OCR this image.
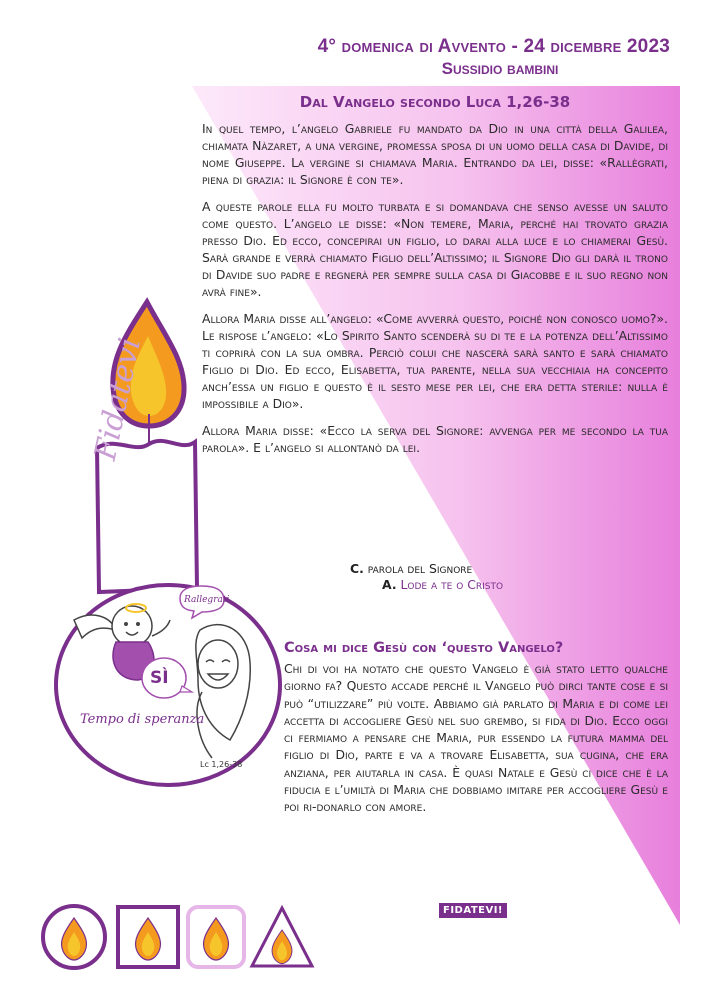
4° domenica di Avvento - 24 dicembre 2023
Sussidio bambini
Dal Vangelo secondo Luca 1,26-38

In quel tempo, l’angelo Gabriele fu mandato da Dio in una città della Galilea, chiamata Nàzaret, a una vergine, promessa sposa di un uomo della casa di Davide, di nome Giuseppe. La vergine si chiamava Maria. Entrando da lei, disse: «Rallègrati, piena di grazia: il Signore è con te».

A queste parole ella fu molto turbata e si domandava che senso avesse un saluto come questo. L’angelo le disse: «Non temere, Maria, perché hai trovato grazia presso Dio. Ed ecco, concepirai un figlio, lo darai alla luce e lo chiamerai Gesù. Sarà grande e verrà chiamato Figlio dell’Altissimo; il Signore Dio gli darà il trono di Davide suo padre e regnerà per sempre sulla casa di Giacobbe e il suo regno non avrà fine».

Allora Maria disse all’angelo: «Come avverrà questo, poiché non conosco uomo?». Le rispose l’angelo: «Lo Spirito Santo scenderà su di te e la potenza dell’Altissimo ti coprirà con la sua ombra. Perciò colui che nascerà sarà santo e sarà chiamato Figlio di Dio. Ed ecco, Elisabetta, tua parente, nella sua vecchiaia ha concepito anch’essa un figlio e questo è il sesto mese per lei, che era detta sterile: nulla è impossibile a Dio».

Allora Maria disse: «Ecco la serva del Signore: avvenga per me secondo la tua parola». E l’angelo si allontanò da lei.

C. parola del Signore
A. Lode a te o Cristo
Fidatevi
Rallegrati
SÌ
Tempo di speranza
Lc 1,26-38
Cosa mi dice Gesù con ‘questo Vangelo?

Chi di voi ha notato che questo Vangelo è già stato letto qualche giorno fa? Questo accade perché il Vangelo può dirci tante cose e si può “utilizzare” più volte. Abbiamo già parlato di Maria e di come lei accetta di accogliere Gesù nel suo grembo, si fida di Dio. Ecco oggi ci fermiamo a pensare che Maria, pur essendo la futura mamma del figlio di Dio, parte e va a trovare Elisabetta, sua cugina, che era anziana, per aiutarla in casa. È quasi Natale e Gesù ci dice che è la fiducia e l’umiltà di Maria che dobbiamo imitare per accogliere Gesù e poi ri-donarlo con amore.

FIDATEVI!
